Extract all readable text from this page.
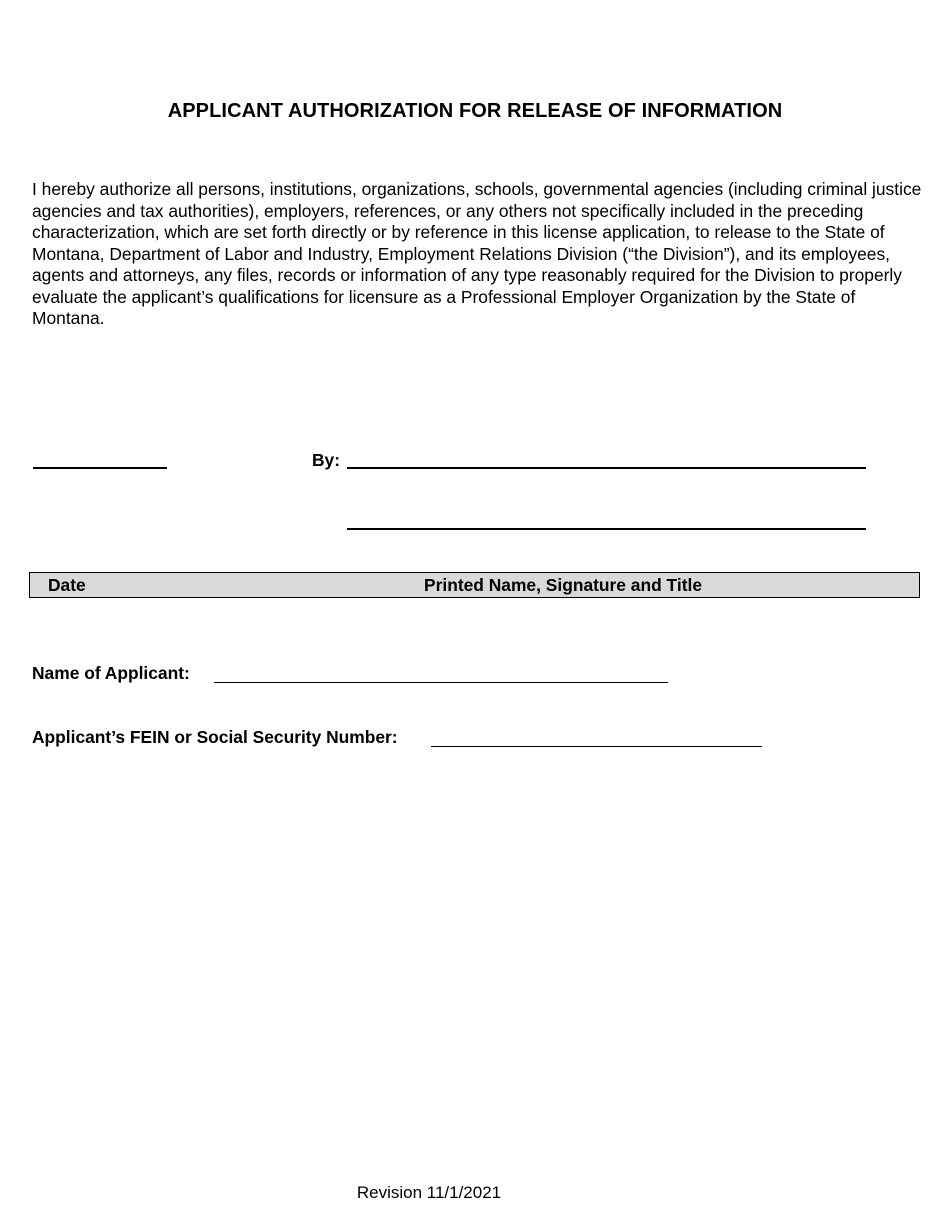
APPLICANT AUTHORIZATION FOR RELEASE OF INFORMATION
I hereby authorize all persons, institutions, organizations, schools, governmental agencies (including criminal justice agencies and tax authorities), employers, references, or any others not specifically included in the preceding characterization, which are set forth directly or by reference in this license application, to release to the State of Montana, Department of Labor and Industry, Employment Relations Division (“the Division”), and its employees, agents and attorneys, any files, records or information of any type reasonably required for the Division to properly evaluate the applicant’s qualifications for licensure as a Professional Employer Organization by the State of Montana.
By:
Date	Printed Name, Signature and Title
Name of Applicant:
Applicant’s FEIN or Social Security Number:
Revision 11/1/2021
